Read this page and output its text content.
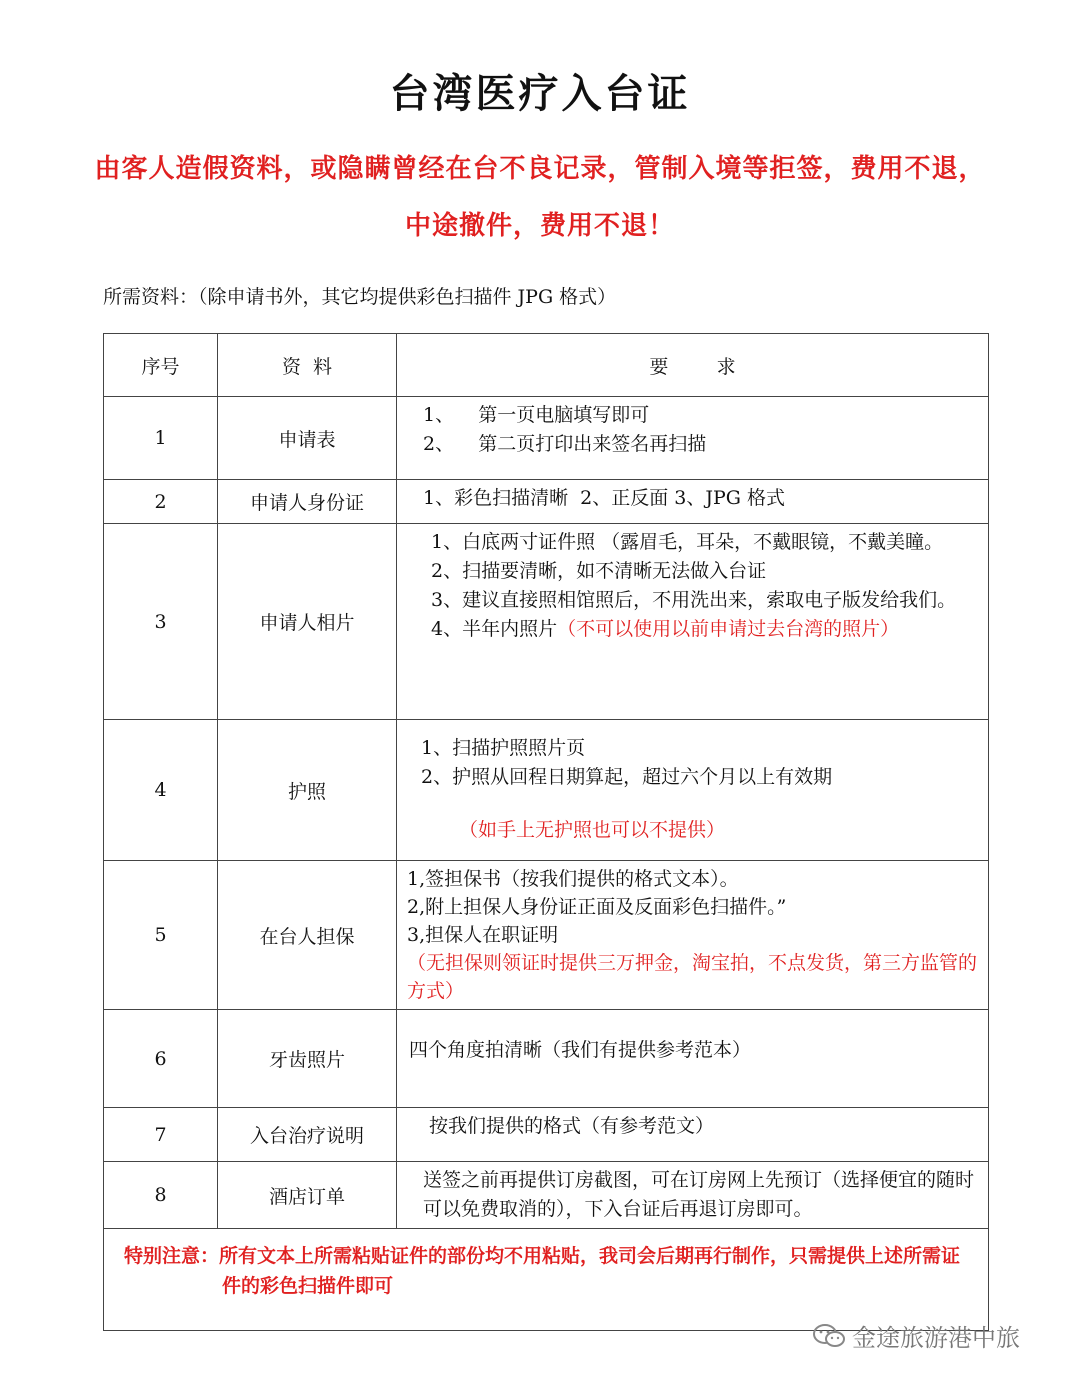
台湾医疗入台证
由客人造假资料，或隐瞒曾经在台不良记录，管制入境等拒签，费用不退，
中途撤件，费用不退！
所需资料：（除申请书外，其它均提供彩色扫描件 JPG 格式）
序号	资  料	要        求
1	申请表	1、    第一页电脑填写即可
2、    第二页打印出来签名再扫描

2	申请人身份证	1、彩色扫描清晰  2、正反面 3、JPG 格式

3	申请人相片	1、白底两寸证件照 （露眉毛，耳朵，不戴眼镜，不戴美瞳。
2、扫描要清晰，如不清晰无法做入台证
3、建议直接照相馆照后，不用洗出来，索取电子版发给我们。
4、半年内照片（不可以使用以前申请过去台湾的照片）

4	护照	1、扫描护照照片页
2、护照从回程日期算起，超过六个月以上有效期
（如手上无护照也可以不提供）

5	在台人担保	1,签担保书（按我们提供的格式文本）。
2,附上担保人身份证正面及反面彩色扫描件。”
3,担保人在职证明
（无担保则领证时提供三万押金，淘宝拍，不点发货，第三方监管的方式）

6	牙齿照片	四个角度拍清晰（我们有提供参考范本）

7	入台治疗说明	按我们提供的格式（有参考范文）

8	酒店订单	送签之前再提供订房截图，可在订房网上先预订（选择便宜的随时可以免费取消的），下入台证后再退订房即可。

特别注意：所有文本上所需粘贴证件的部份均不用粘贴，我司会后期再行制作，只需提供上述所需证件的彩色扫描件即可		
金途旅游港中旅
